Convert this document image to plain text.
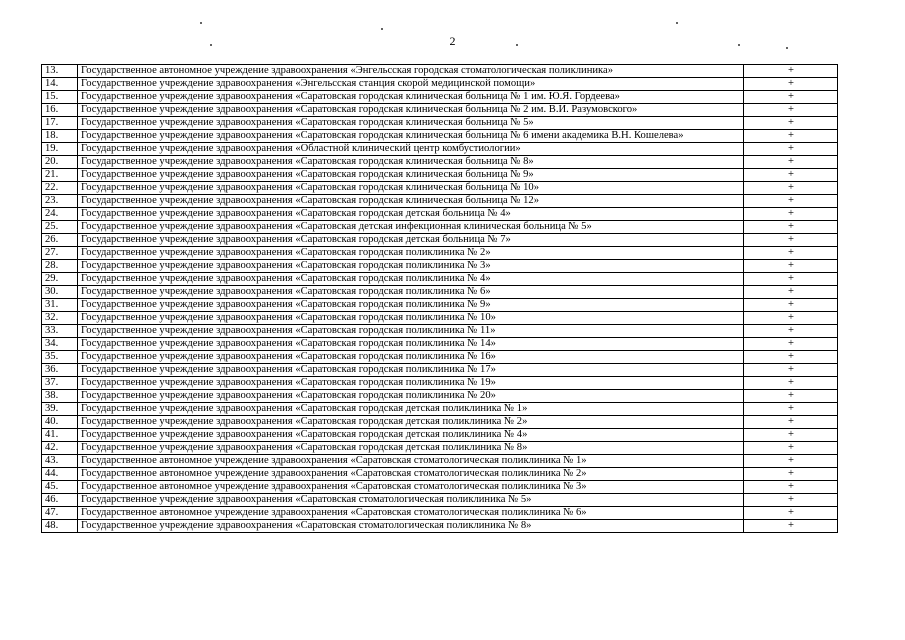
2
13.	Государственное автономное учреждение здравоохранения «Энгельсская городская стоматологическая поликлиника»	+
14.	Государственное учреждение здравоохранения «Энгельсская станция скорой медицинской помощи»	+
15.	Государственное учреждение здравоохранения «Саратовская городская клиническая больница № 1 им. Ю.Я. Гордеева»	+
16.	Государственное учреждение здравоохранения «Саратовская городская клиническая больница № 2 им. В.И. Разумовского»	+
17.	Государственное учреждение здравоохранения «Саратовская городская клиническая больница № 5»	+
18.	Государственное учреждение здравоохранения «Саратовская городская клиническая больница № 6 имени академика В.Н. Кошелева»	+
19.	Государственное учреждение здравоохранения «Областной клинический центр комбустиологии»	+
20.	Государственное учреждение здравоохранения «Саратовская городская клиническая больница № 8»	+
21.	Государственное учреждение здравоохранения «Саратовская городская клиническая больница № 9»	+
22.	Государственное учреждение здравоохранения «Саратовская городская клиническая больница № 10»	+
23.	Государственное учреждение здравоохранения «Саратовская городская клиническая больница № 12»	+
24.	Государственное учреждение здравоохранения «Саратовская городская детская больница № 4»	+
25.	Государственное учреждение здравоохранения «Саратовская детская инфекционная клиническая больница № 5»	+
26.	Государственное учреждение здравоохранения «Саратовская городская детская больница № 7»	+
27.	Государственное учреждение здравоохранения «Саратовская городская поликлиника № 2»	+
28.	Государственное учреждение здравоохранения «Саратовская городская поликлиника № 3»	+
29.	Государственное учреждение здравоохранения «Саратовская городская поликлиника № 4»	+
30.	Государственное учреждение здравоохранения «Саратовская городская поликлиника № 6»	+
31.	Государственное учреждение здравоохранения «Саратовская городская поликлиника № 9»	+
32.	Государственное учреждение здравоохранения «Саратовская городская поликлиника № 10»	+
33.	Государственное учреждение здравоохранения «Саратовская городская поликлиника № 11»	+
34.	Государственное учреждение здравоохранения «Саратовская городская поликлиника № 14»	+
35.	Государственное учреждение здравоохранения «Саратовская городская поликлиника № 16»	+
36.	Государственное учреждение здравоохранения «Саратовская городская поликлиника № 17»	+
37.	Государственное учреждение здравоохранения «Саратовская городская поликлиника № 19»	+
38.	Государственное учреждение здравоохранения «Саратовская городская поликлиника № 20»	+
39.	Государственное учреждение здравоохранения «Саратовская городская детская поликлиника № 1»	+
40.	Государственное учреждение здравоохранения «Саратовская городская детская поликлиника № 2»	+
41.	Государственное учреждение здравоохранения «Саратовская городская детская поликлиника № 4»	+
42.	Государственное учреждение здравоохранения «Саратовская городская детская поликлиника № 8»	+
43.	Государственное автономное учреждение здравоохранения «Саратовская стоматологическая поликлиника № 1»	+
44.	Государственное автономное учреждение здравоохранения «Саратовская стоматологическая поликлиника № 2»	+
45.	Государственное автономное учреждение здравоохранения «Саратовская стоматологическая поликлиника № 3»	+
46.	Государственное учреждение здравоохранения «Саратовская стоматологическая поликлиника № 5»	+
47.	Государственное автономное учреждение здравоохранения «Саратовская стоматологическая поликлиника № 6»	+
48.	Государственное учреждение здравоохранения «Саратовская стоматологическая поликлиника № 8»	+
